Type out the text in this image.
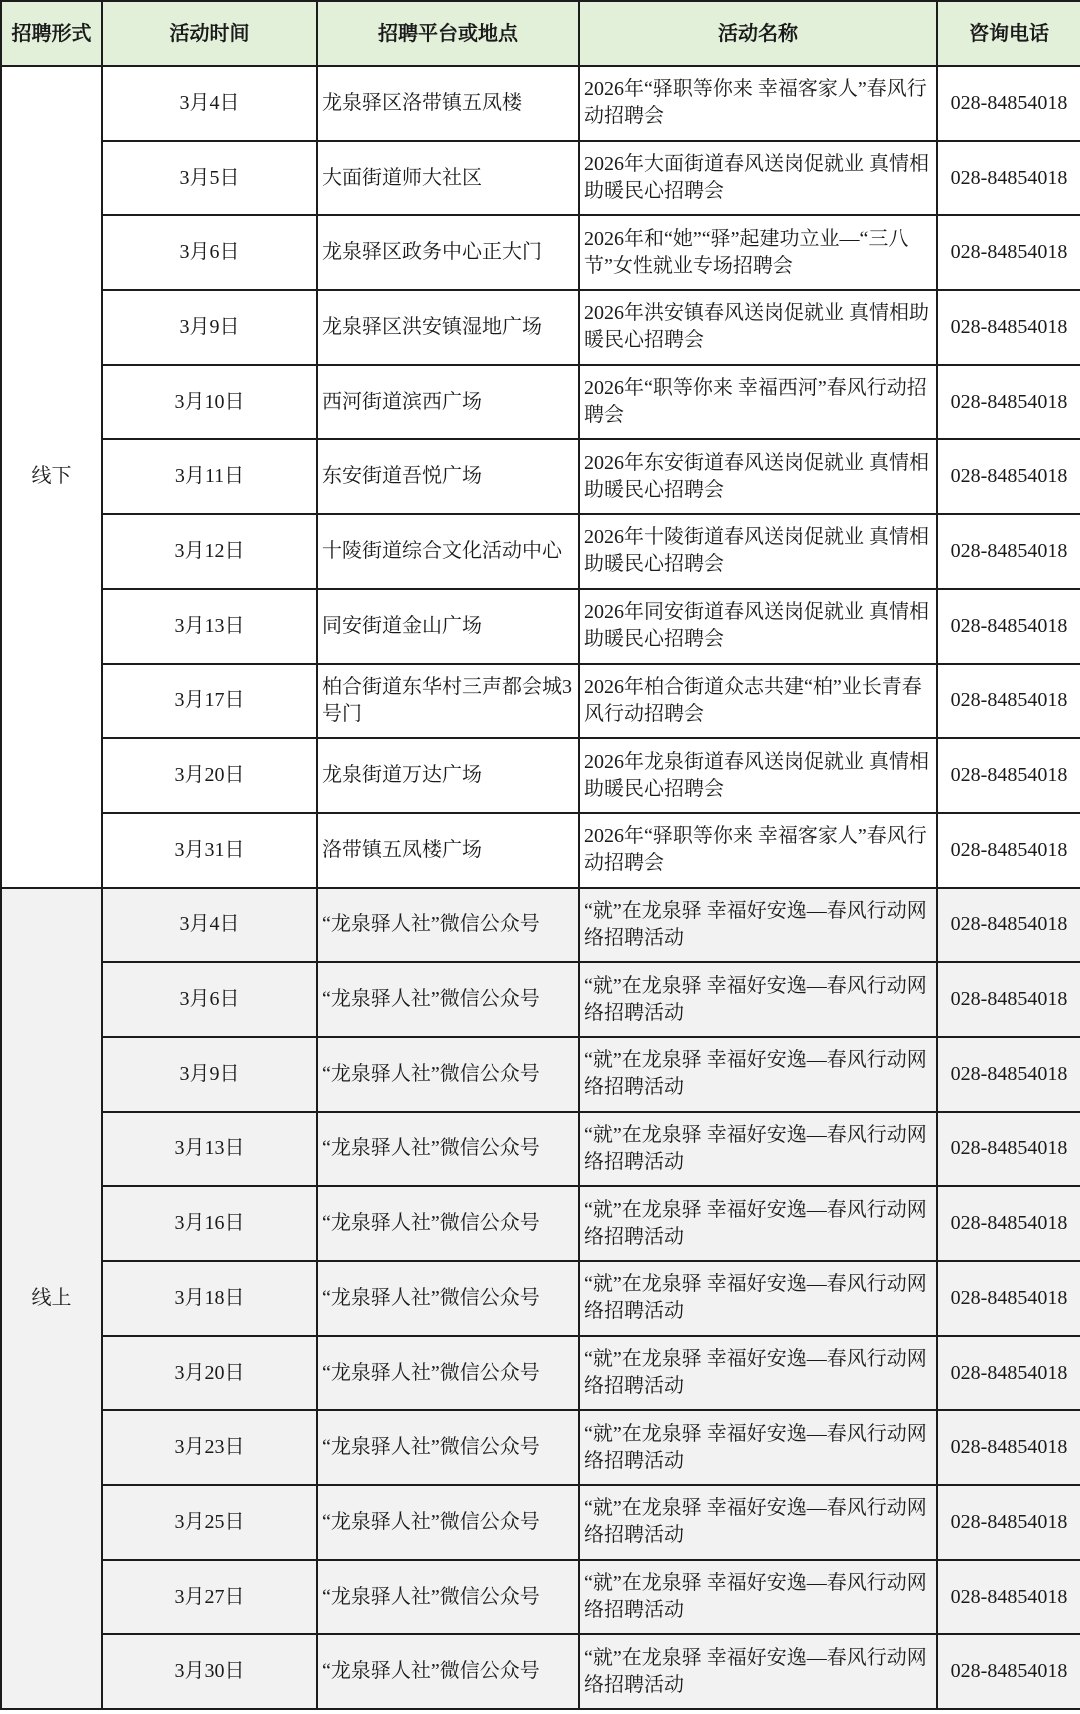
招聘形式	活动时间	招聘平台或地点	活动名称	咨询电话
线下	3月4日	龙泉驿区洛带镇五凤楼	2026年“驿职等你来 幸福客家人”春风行动招聘会	028-84854018
	3月5日	大面街道师大社区	2026年大面街道春风送岗促就业 真情相助暖民心招聘会	028-84854018
	3月6日	龙泉驿区政务中心正大门	2026年和“她”“驿”起建功立业—“三八节”女性就业专场招聘会	028-84854018
	3月9日	龙泉驿区洪安镇湿地广场	2026年洪安镇春风送岗促就业 真情相助暖民心招聘会	028-84854018
	3月10日	西河街道滨西广场	2026年“职等你来 幸福西河”春风行动招聘会	028-84854018
	3月11日	东安街道吾悦广场	2026年东安街道春风送岗促就业 真情相助暖民心招聘会	028-84854018
	3月12日	十陵街道综合文化活动中心	2026年十陵街道春风送岗促就业 真情相助暖民心招聘会	028-84854018
	3月13日	同安街道金山广场	2026年同安街道春风送岗促就业 真情相助暖民心招聘会	028-84854018
	3月17日	柏合街道东华村三声都会城3号门	2026年柏合街道众志共建“柏”业长青春风行动招聘会	028-84854018
	3月20日	龙泉街道万达广场	2026年龙泉街道春风送岗促就业 真情相助暖民心招聘会	028-84854018
	3月31日	洛带镇五凤楼广场	2026年“驿职等你来 幸福客家人”春风行动招聘会	028-84854018
线上	3月4日	“龙泉驿人社”微信公众号	“就”在龙泉驿 幸福好安逸—春风行动网络招聘活动	028-84854018
	3月6日	“龙泉驿人社”微信公众号	“就”在龙泉驿 幸福好安逸—春风行动网络招聘活动	028-84854018
	3月9日	“龙泉驿人社”微信公众号	“就”在龙泉驿 幸福好安逸—春风行动网络招聘活动	028-84854018
	3月13日	“龙泉驿人社”微信公众号	“就”在龙泉驿 幸福好安逸—春风行动网络招聘活动	028-84854018
	3月16日	“龙泉驿人社”微信公众号	“就”在龙泉驿 幸福好安逸—春风行动网络招聘活动	028-84854018
	3月18日	“龙泉驿人社”微信公众号	“就”在龙泉驿 幸福好安逸—春风行动网络招聘活动	028-84854018
	3月20日	“龙泉驿人社”微信公众号	“就”在龙泉驿 幸福好安逸—春风行动网络招聘活动	028-84854018
	3月23日	“龙泉驿人社”微信公众号	“就”在龙泉驿 幸福好安逸—春风行动网络招聘活动	028-84854018
	3月25日	“龙泉驿人社”微信公众号	“就”在龙泉驿 幸福好安逸—春风行动网络招聘活动	028-84854018
	3月27日	“龙泉驿人社”微信公众号	“就”在龙泉驿 幸福好安逸—春风行动网络招聘活动	028-84854018
	3月30日	“龙泉驿人社”微信公众号	“就”在龙泉驿 幸福好安逸—春风行动网络招聘活动	028-84854018
